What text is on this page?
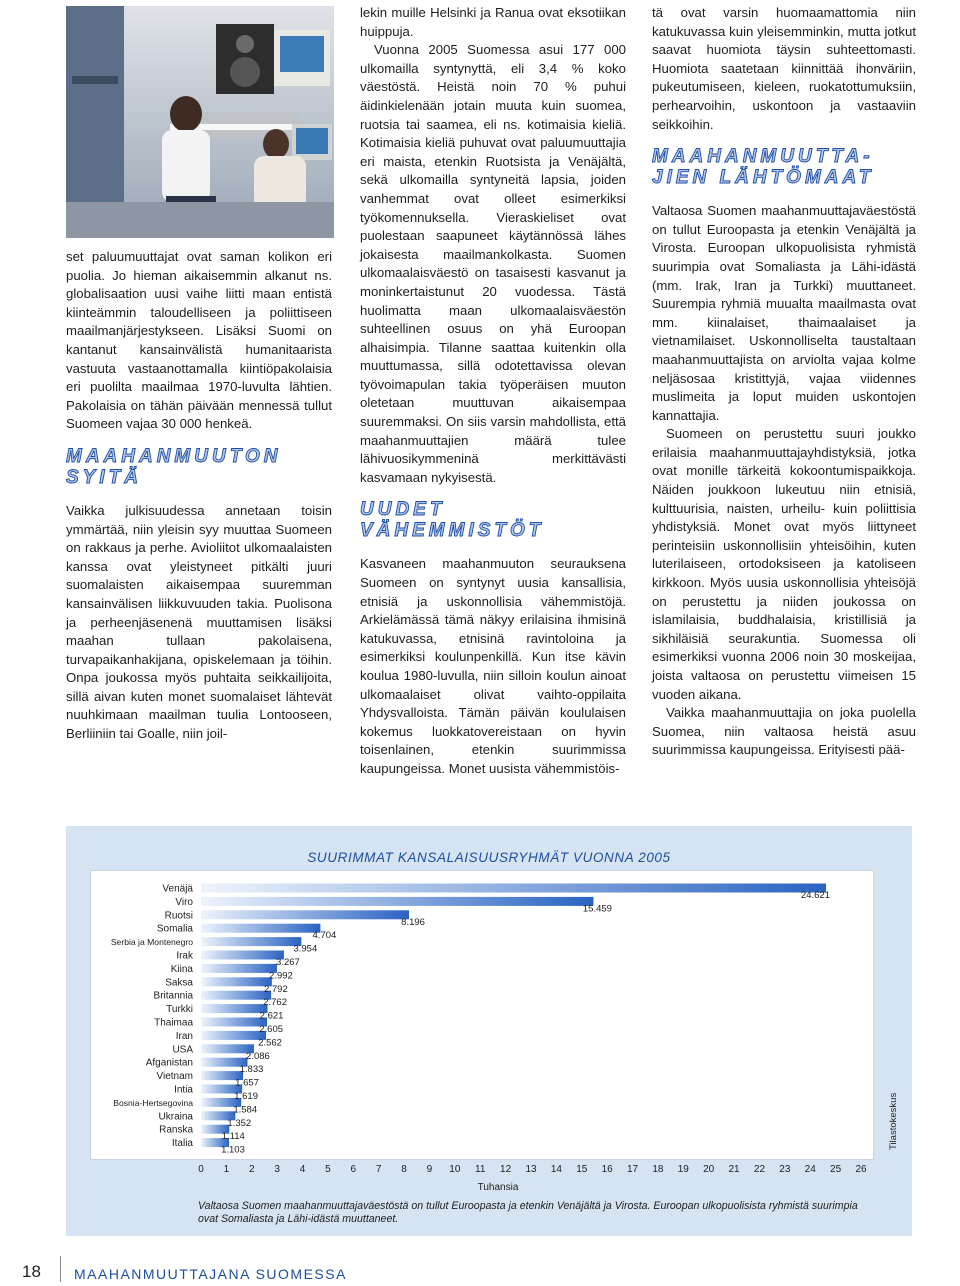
set paluumuuttajat ovat saman kolikon eri puolia. Jo hieman aikaisemmin alkanut ns. globalisaation uusi vaihe liitti maan entistä kiinteämmin taloudelliseen ja poliittiseen maailmanjärjestykseen. Lisäksi Suomi on kantanut kansainvälistä humanitaarista vastuuta vastaanottamalla kiintiöpakolaisia eri puolilta maailmaa 1970-luvulta lähtien. Pakolaisia on tähän päivään mennessä tullut Suomeen vajaa 30 000 henkeä.

MAAHANMUUTON
SYITÄ

Vaikka julkisuudessa annetaan toisin ymmärtää, niin yleisin syy muuttaa Suomeen on rakkaus ja perhe. Avioliitot ulkomaalaisten kanssa ovat yleistyneet pitkälti juuri suomalaisten aikaisempaa suuremman kansainvälisen liikkuvuuden takia. Puolisona ja perheenjäsenenä muuttamisen lisäksi maahan tullaan pakolaisena, turvapaikanhakijana, opiskelemaan ja töihin. Onpa joukossa myös puhtaita seikkailijoita, sillä aivan kuten monet suomalaiset lähtevät nuuhkimaan maailman tuulia Lontooseen, Berliiniin tai Goalle, niin joil-

lekin muille Helsinki ja Ranua ovat eksotiikan huippuja.

Vuonna 2005 Suomessa asui 177 000 ulkomailla syntynyttä, eli 3,4 % koko väestöstä. Heistä noin 70 % puhui äidinkielenään jotain muuta kuin suomea, ruotsia tai saamea, eli ns. kotimaisia kieliä. Kotimaisia kieliä puhuvat ovat paluumuuttajia eri maista, etenkin Ruotsista ja Venäjältä, sekä ulkomailla syntyneitä lapsia, joiden vanhemmat ovat olleet esimerkiksi työkomennuksella. Vieraskieliset ovat puolestaan saapuneet käytännössä lähes jokaisesta maailmankolkasta. Suomen ulkomaalaisväestö on tasaisesti kasvanut ja moninkertaistunut 20 vuodessa. Tästä huolimatta maan ulkomaalaisväestön suhteellinen osuus on yhä Euroopan alhaisimpia. Tilanne saattaa kuitenkin olla muuttumassa, sillä odotettavissa olevan työvoimapulan takia työperäisen muuton oletetaan muuttuvan aikaisempaa suuremmaksi. On siis varsin mahdollista, että maahanmuuttajien määrä tulee lähivuosikymmeninä merkittävästi kasvamaan nykyisestä.

UUDET
VÄHEMMISTÖT

Kasvaneen maahanmuuton seurauksena Suomeen on syntynyt uusia kansallisia, etnisiä ja uskonnollisia vähemmistöjä. Arkielämässä tämä näkyy erilaisina ihmisinä katukuvassa, etnisinä ravintoloina ja esimerkiksi koulunpenkillä. Kun itse kävin koulua 1980-luvulla, niin silloin koulun ainoat ulkomaalaiset olivat vaihto-oppilaita Yhdysvalloista. Tämän päivän koululaisen kokemus luokkatovereistaan on hyvin toisenlainen, etenkin suurimmissa kaupungeissa. Monet uusista vähemmistöis-

tä ovat varsin huomaamattomia niin katukuvassa kuin yleisemminkin, mutta jotkut saavat huomiota täysin suhteettomasti. Huomiota saatetaan kiinnittää ihonväriin, pukeutumiseen, kieleen, ruokatottumuksiin, perhearvoihin, uskontoon ja vastaaviin seikkoihin.

MAAHANMUUTTA-
JIEN LÄHTÖMAAT

Valtaosa Suomen maahanmuuttajaväestöstä on tullut Euroopasta ja etenkin Venäjältä ja Virosta. Euroopan ulkopuolisista ryhmistä suurimpia ovat Somaliasta ja Lähi-idästä (mm. Irak, Iran ja Turkki) muuttaneet. Suurempia ryhmiä muualta maailmasta ovat mm. kiinalaiset, thaimaalaiset ja vietnamilaiset. Uskonnolliselta taustaltaan maahanmuuttajista on arviolta vajaa kolme neljäsosaa kristittyjä, vajaa viidennes muslimeita ja loput muiden uskontojen kannattajia.

Suomeen on perustettu suuri joukko erilaisia maahanmuuttajayhdistyksiä, jotka ovat monille tärkeitä kokoontumispaikkoja. Näiden joukkoon lukeutuu niin etnisiä, kulttuurisia, naisten, urheilu- kuin poliittisia yhdistyksiä. Monet ovat myös liittyneet perinteisiin uskonnollisiin yhteisöihin, kuten luterilaiseen, ortodoksiseen ja katoliseen kirkkoon. Myös uusia uskonnollisia yhteisöjä on perustettu ja niiden joukossa on islamilaisia, buddhalaisia, kristillisiä ja sikhiläisiä seurakuntia. Suomessa oli esimerkiksi vuonna 2006 noin 30 moskeijaa, joista valtaosa on perustettu viimeisen 15 vuoden aikana.

Vaikka maahanmuuttajia on joka puolella Suomea, niin valtaosa heistä asuu suurimmissa kaupungeissa. Erityisesti pää-

SUURIMMAT KANSALAISUUSRYHMÄT VUONNA 2005
Venäjä
Viro
Ruotsi
Somalia
Serbia ja Montenegro
Irak
Kiina
Saksa
Britannia
Turkki
Thaimaa
Iran
USA
Afganistan
Vietnam
Intia
Bosnia-Hertsegovina
Ukraina
Ranska
Italia
24.621
15.459
8.196
4.704
3.954
3.267
2.992
2.792
2.762
2.621
2.605
2.562
2.086
1.833
1.657
1.619
1.584
1.352
1.114
1.103
0 1 2 3 4 5 6 7 8 9 10 11 12 13 14 15 16 17 18 19 20 21 22 23 24 25 26
Tuhansia
Tilastokeskus
Valtaosa Suomen maahanmuuttajaväestöstä on tullut Euroopasta ja etenkin Venäjältä ja Virosta. Euroopan ulkopuolisista ryhmistä suurimpia ovat Somaliasta ja Lähi-idästä muuttaneet.
18 MAAHANMUUTTAJANA SUOMESSA
